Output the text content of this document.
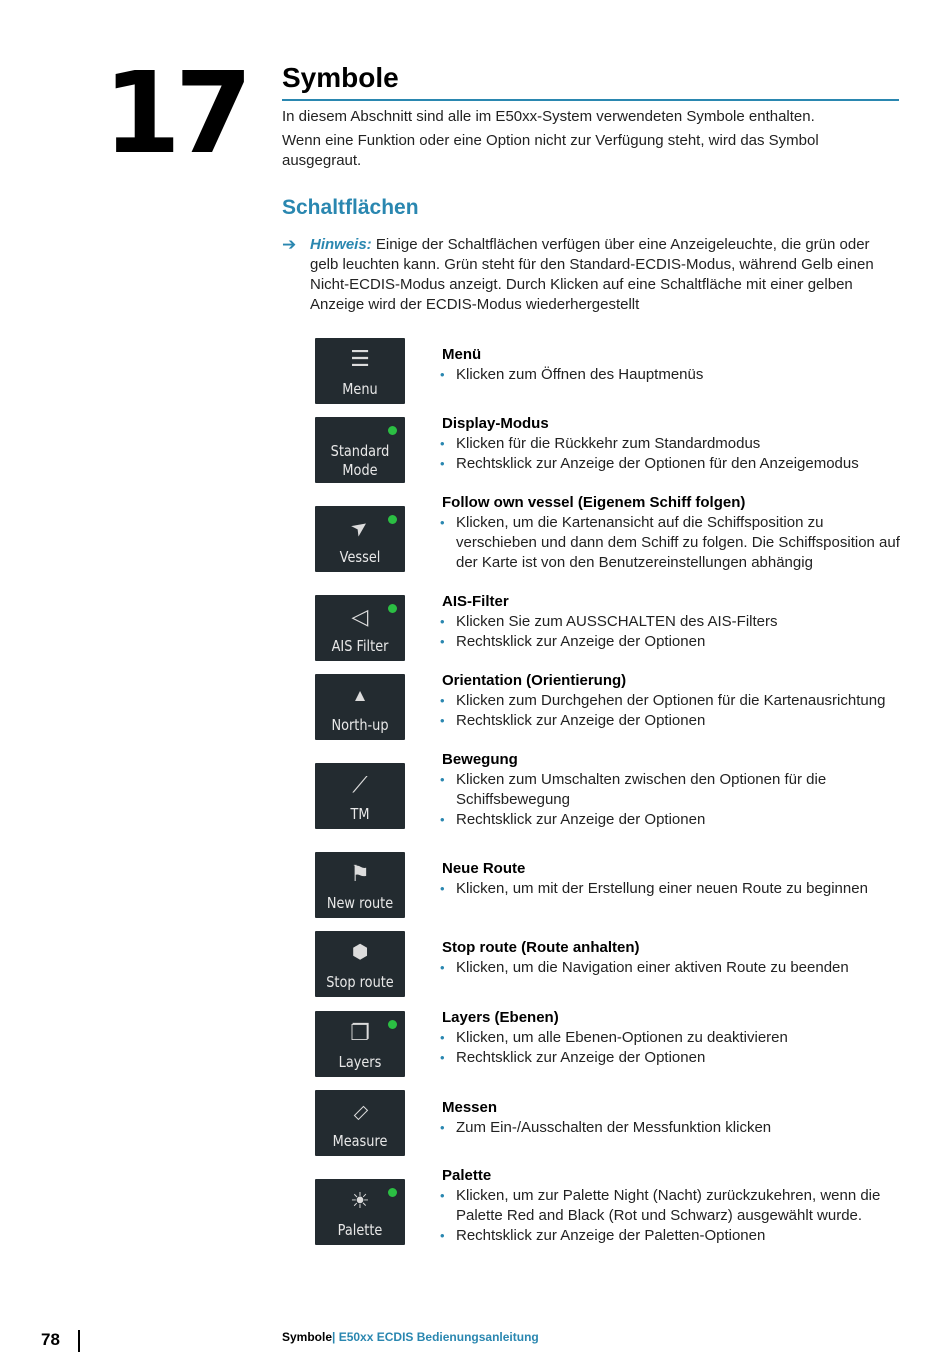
17 Symbole

In diesem Abschnitt sind alle im E50xx-System verwendeten Symbole enthalten.

Wenn eine Funktion oder eine Option nicht zur Verfügung steht, wird das Symbol ausgegraut.

Schaltflächen
➔ Hinweis: Einige der Schaltflächen verfügen über eine Anzeigeleuchte, die grün oder gelb leuchten kann. Grün steht für den Standard-ECDIS-Modus, während Gelb einen Nicht-ECDIS-Modus anzeigt. Durch Klicken auf eine Schaltfläche mit einer gelben Anzeige wird der ECDIS-Modus wiederhergestellt
☰
Menu
Menü
• Klicken zum Öffnen des Hauptmenüs
Standard
Mode
Display-Modus
• Klicken für die Rückkehr zum Standardmodus
• Rechtsklick zur Anzeige der Optionen für den Anzeigemodus
➤
Vessel
Follow own vessel (Eigenem Schiff folgen)
• Klicken, um die Kartenansicht auf die Schiffsposition zu verschieben und dann dem Schiff zu folgen. Die Schiffsposition auf der Karte ist von den Benutzereinstellungen abhängig
◁
AIS Filter
AIS-Filter
• Klicken Sie zum AUSSCHALTEN des AIS-Filters
• Rechtsklick zur Anzeige der Optionen
▲
North-up
Orientation (Orientierung)
• Klicken zum Durchgehen der Optionen für die Kartenausrichtung
• Rechtsklick zur Anzeige der Optionen
⟋
TM
Bewegung
• Klicken zum Umschalten zwischen den Optionen für die Schiffsbewegung
• Rechtsklick zur Anzeige der Optionen
⚑
New route
Neue Route
• Klicken, um mit der Erstellung einer neuen Route zu beginnen
⬢
Stop route
Stop route (Route anhalten)
• Klicken, um die Navigation einer aktiven Route zu beenden
❐
Layers
Layers (Ebenen)
• Klicken, um alle Ebenen-Optionen zu deaktivieren
• Rechtsklick zur Anzeige der Optionen
▭
Measure
Messen
• Zum Ein-/Ausschalten der Messfunktion klicken
☀
Palette
Palette
• Klicken, um zur Palette Night (Nacht) zurückzukehren, wenn die Palette Red and Black (Rot und Schwarz) ausgewählt wurde.
• Rechtsklick zur Anzeige der Paletten-Optionen
78	Symbole| E50xx ECDIS Bedienungsanleitung
